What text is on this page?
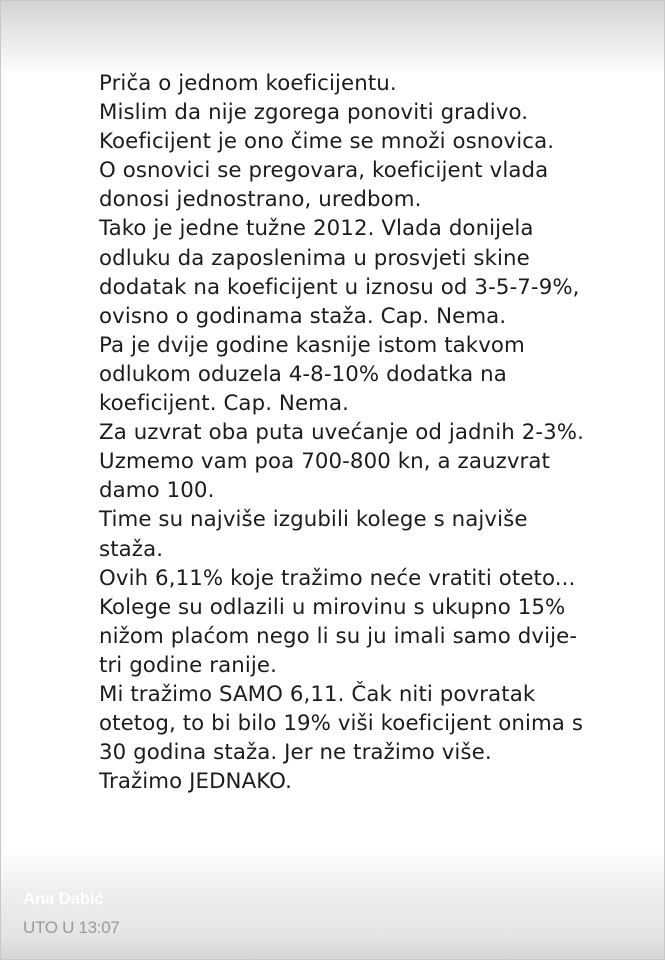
Priča o jednom koeficijentu.
Mislim da nije zgorega ponoviti gradivo.
Koeficijent je ono čime se množi osnovica.
O osnovici se pregovara, koeficijent vlada
donosi jednostrano, uredbom.
Tako je jedne tužne 2012. Vlada donijela
odluku da zaposlenima u prosvjeti skine
dodatak na koeficijent u iznosu od 3-5-7-9%,
ovisno o godinama staža. Cap. Nema.
Pa je dvije godine kasnije istom takvom
odlukom oduzela 4-8-10% dodatka na
koeficijent. Cap. Nema.
Za uzvrat oba puta uvećanje od jadnih 2-3%.
Uzmemo vam poa 700-800 kn, a zauzvrat
damo 100.
Time su najviše izgubili kolege s najviše
staža.
Ovih 6,11% koje tražimo neće vratiti oteto...
Kolege su odlazili u mirovinu s ukupno 15%
nižom plaćom nego li su ju imali samo dvije-
tri godine ranije.
Mi tražimo SAMO 6,11. Čak niti povratak
otetog, to bi bilo 19% viši koeficijent onima s
30 godina staža. Jer ne tražimo više.
Tražimo JEDNAKO.
Ana Dabić
UTO U 13:07
